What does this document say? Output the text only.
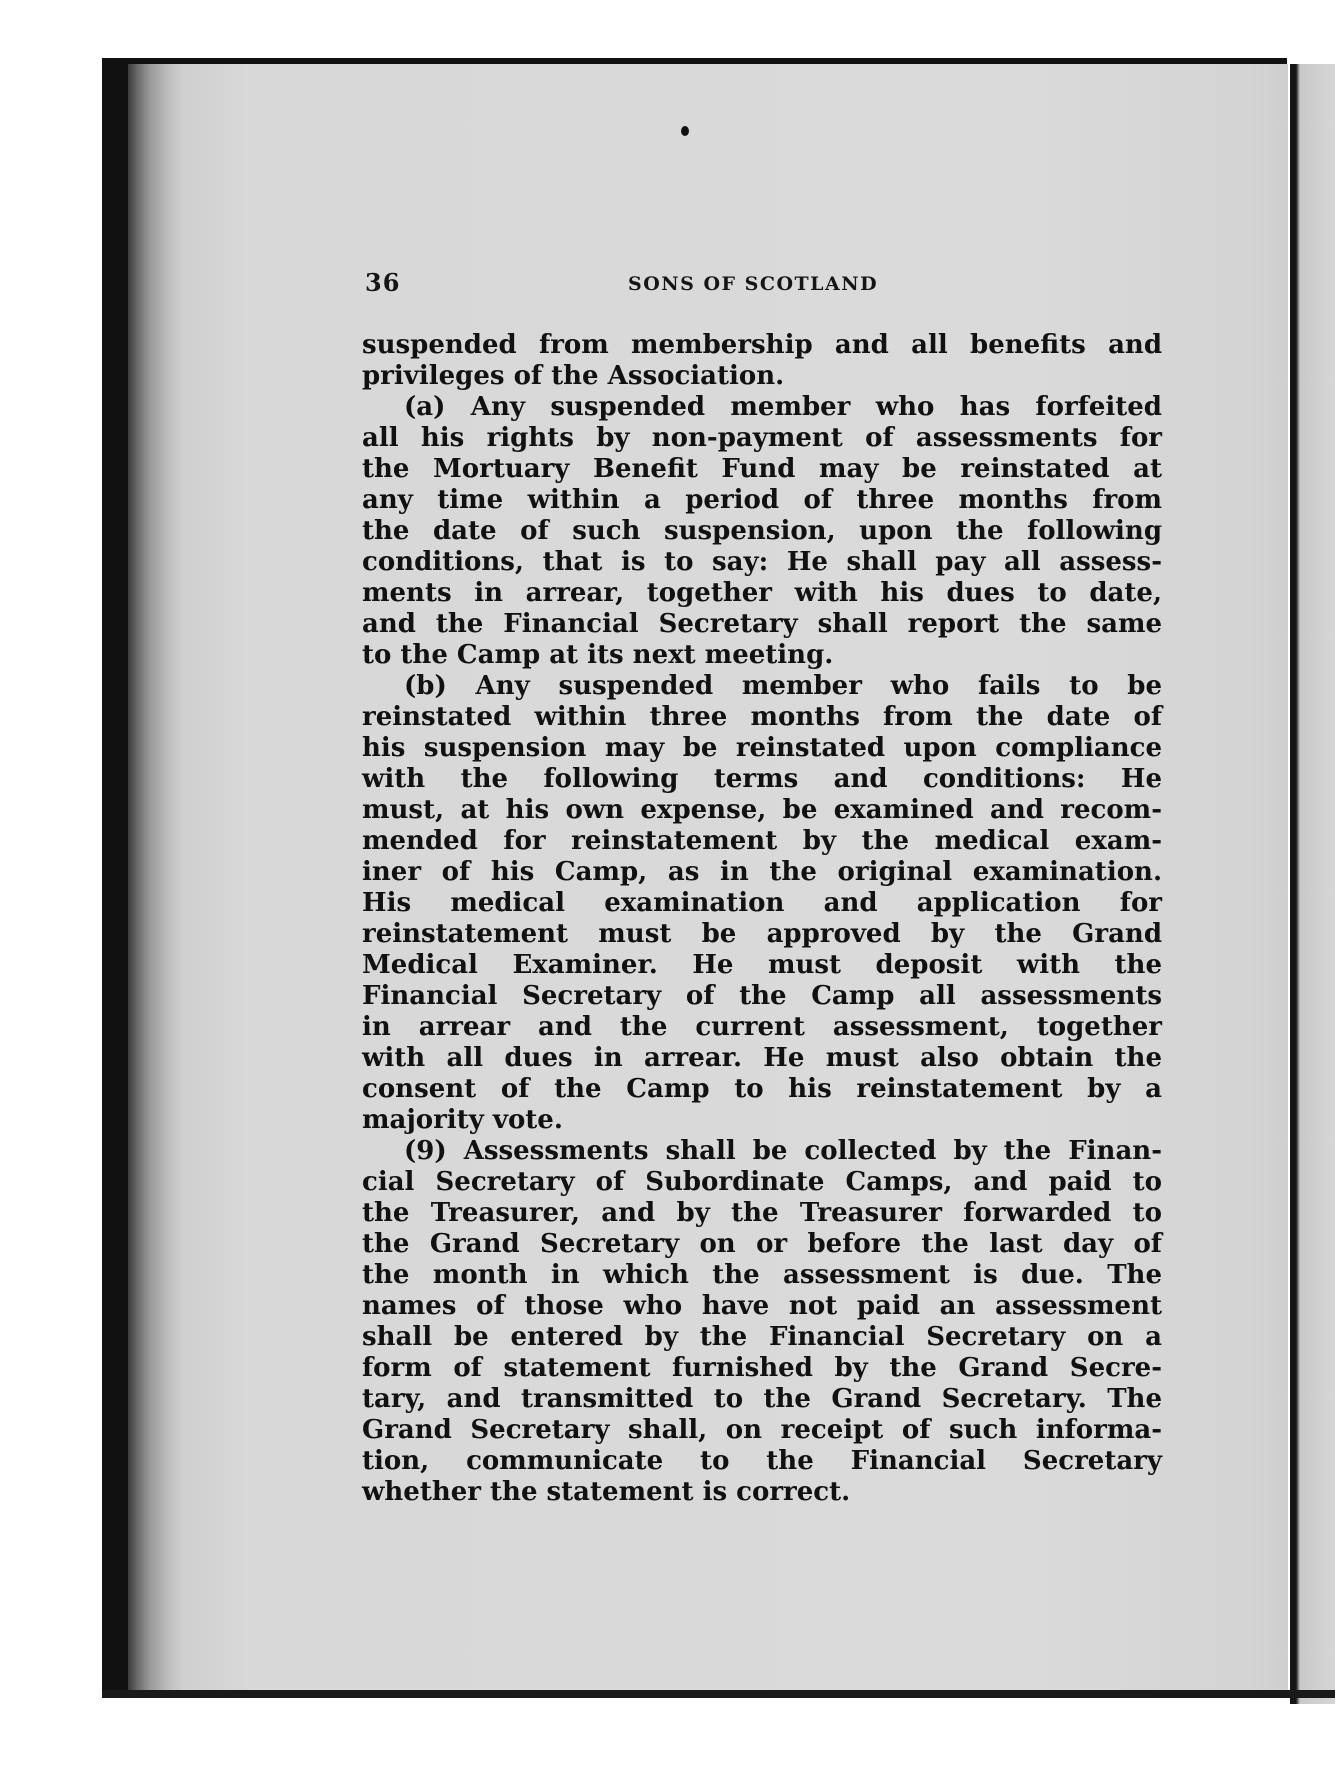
36	SONS OF SCOTLAND
suspended from membership and all benefits and
privileges of the Association.
(a) Any suspended member who has forfeited
all his rights by non-payment of assessments for
the Mortuary Benefit Fund may be reinstated at
any time within a period of three months from
the date of such suspension, upon the following
conditions, that is to say: He shall pay all assess-
ments in arrear, together with his dues to date,
and the Financial Secretary shall report the same
to the Camp at its next meeting.
(b) Any suspended member who fails to be
reinstated within three months from the date of
his suspension may be reinstated upon compliance
with the following terms and conditions: He
must, at his own expense, be examined and recom-
mended for reinstatement by the medical exam-
iner of his Camp, as in the original examination.
His medical examination and application for
reinstatement must be approved by the Grand
Medical Examiner. He must deposit with the
Financial Secretary of the Camp all assessments
in arrear and the current assessment, together
with all dues in arrear. He must also obtain the
consent of the Camp to his reinstatement by a
majority vote.
(9) Assessments shall be collected by the Finan-
cial Secretary of Subordinate Camps, and paid to
the Treasurer, and by the Treasurer forwarded to
the Grand Secretary on or before the last day of
the month in which the assessment is due. The
names of those who have not paid an assessment
shall be entered by the Financial Secretary on a
form of statement furnished by the Grand Secre-
tary, and transmitted to the Grand Secretary. The
Grand Secretary shall, on receipt of such informa-
tion, communicate to the Financial Secretary
whether the statement is correct.
